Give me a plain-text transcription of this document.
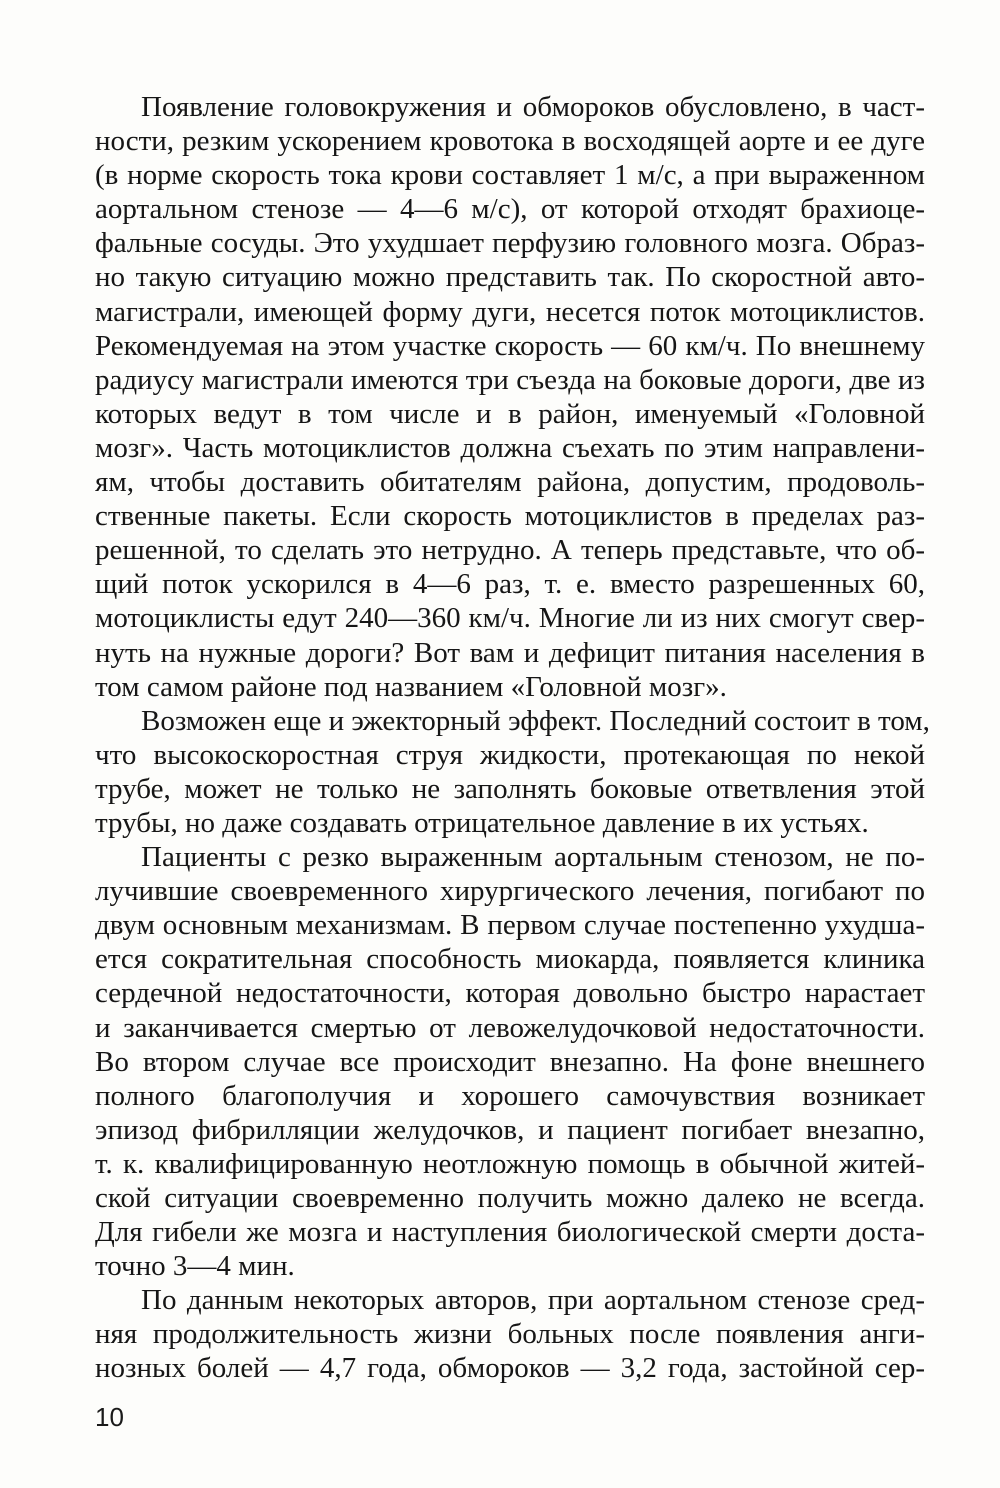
Появление головокружения и обмороков обусловлено, в част-
ности, резким ускорением кровотока в восходящей аорте и ее дуге
(в норме скорость тока крови составляет 1 м/с, а при выраженном
аортальном стенозе — 4—6 м/с), от которой отходят брахиоце-
фальные сосуды. Это ухудшает перфузию головного мозга. Образ-
но такую ситуацию можно представить так. По скоростной авто-
магистрали, имеющей форму дуги, несется поток мотоциклистов.
Рекомендуемая на этом участке скорость — 60 км/ч. По внешнему
радиусу магистрали имеются три съезда на боковые дороги, две из
которых ведут в том числе и в район, именуемый «Головной
мозг». Часть мотоциклистов должна съехать по этим направлени-
ям, чтобы доставить обитателям района, допустим, продоволь-
ственные пакеты. Если скорость мотоциклистов в пределах раз-
решенной, то сделать это нетрудно. А теперь представьте, что об-
щий поток ускорился в 4—6 раз, т. е. вместо разрешенных 60,
мотоциклисты едут 240—360 км/ч. Многие ли из них смогут свер-
нуть на нужные дороги? Вот вам и дефицит питания населения в
том самом районе под названием «Головной мозг».
Возможен еще и эжекторный эффект. Последний состоит в том,
что высокоскоростная струя жидкости, протекающая по некой
трубе, может не только не заполнять боковые ответвления этой
трубы, но даже создавать отрицательное давление в их устьях.
Пациенты с резко выраженным аортальным стенозом, не по-
лучившие своевременного хирургического лечения, погибают по
двум основным механизмам. В первом случае постепенно ухудша-
ется сократительная способность миокарда, появляется клиника
сердечной недостаточности, которая довольно быстро нарастает
и заканчивается смертью от левожелудочковой недостаточности.
Во втором случае все происходит внезапно. На фоне внешнего
полного благополучия и хорошего самочувствия возникает
эпизод фибрилляции желудочков, и пациент погибает внезапно,
т. к. квалифицированную неотложную помощь в обычной житей-
ской ситуации своевременно получить можно далеко не всегда.
Для гибели же мозга и наступления биологической смерти доста-
точно 3—4 мин.
По данным некоторых авторов, при аортальном стенозе сред-
няя продолжительность жизни больных после появления анги-
нозных болей — 4,7 года, обмороков — 3,2 года, застойной сер-
10
